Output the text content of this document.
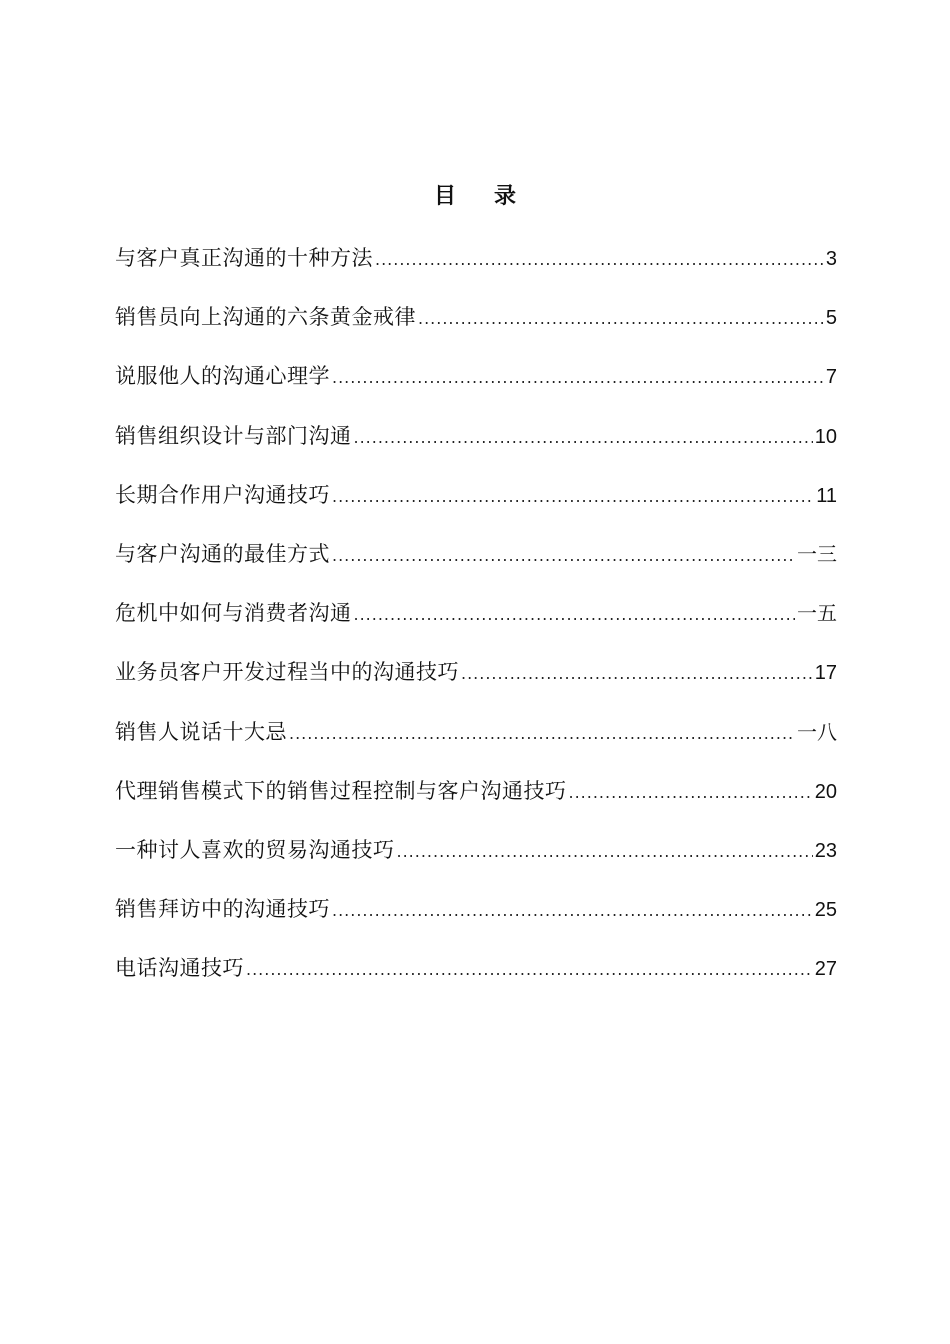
目录
与客户真正沟通的十种方法 .....	3
销售员向上沟通的六条黄金戒律 .....	5
说服他人的沟通心理学 .....	7
销售组织设计与部门沟通 .....	10
长期合作用户沟通技巧 .....	11
与客户沟通的最佳方式 .....	一三
危机中如何与消费者沟通 .....	一五
业务员客户开发过程当中的沟通技巧 .....	17
销售人说话十大忌 .....	一八
代理销售模式下的销售过程控制与客户沟通技巧 .....	20
一种讨人喜欢的贸易沟通技巧 .....	23
销售拜访中的沟通技巧 .....	25
电话沟通技巧 .....	27
